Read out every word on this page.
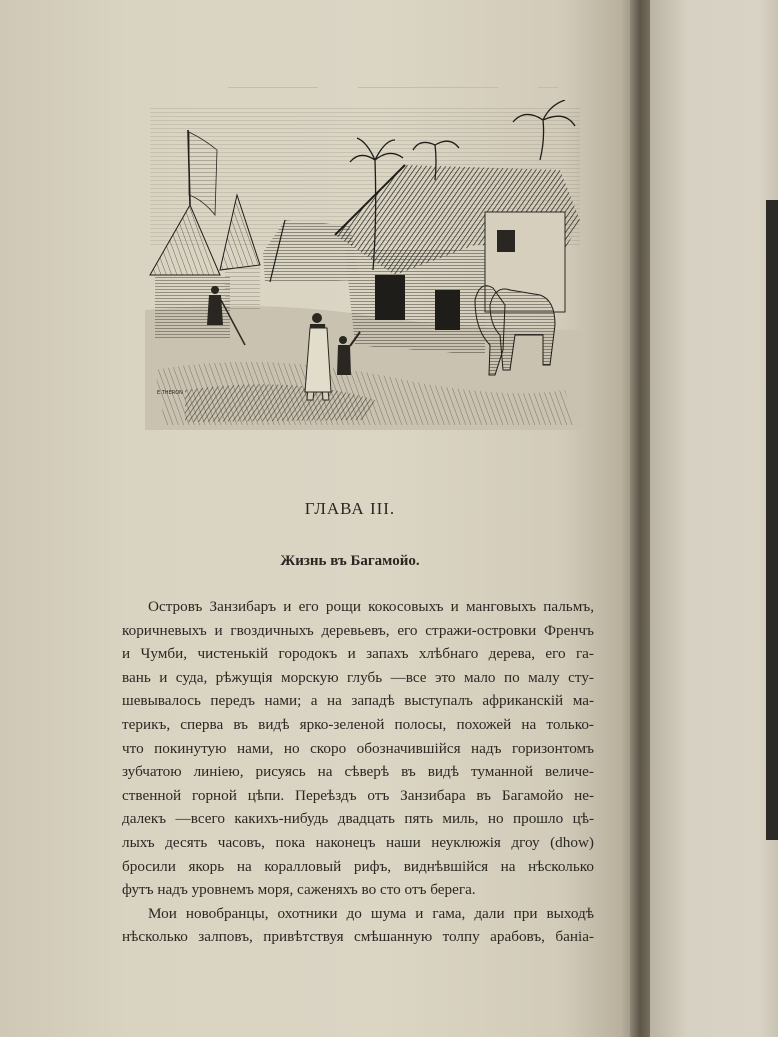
E.THERON
ГЛАВА III.
Жизнь въ Багамойо.
Островъ Занзибаръ и его рощи кокосовыхъ и манговыхъ пальмъ,
коричневыхъ и гвоздичныхъ деревьевъ, его стражи-островки Френчъ
и Чумби, чистенькій городокъ и запахъ хлѣбнаго дерева, его га-
вань и суда, рѣжущія морскую глубь —все это мало по малу сту-
шевывалось передъ нами; а на западѣ выступалъ африканскій ма-
терикъ, сперва въ видѣ ярко-зеленой полосы, похожей на только-
что покинутую нами, но скоро обозначившійся надъ горизонтомъ
зубчатою линіею, рисуясь на сѣверѣ въ видѣ туманной величе-
ственной горной цѣпи. Переѣздъ отъ Занзибара въ Багамойо не-
далекъ —всего какихъ-нибудь двадцать пять миль, но прошло цѣ-
лыхъ десять часовъ, пока наконецъ наши неуклюжія дгоу (dhow)
бросили якорь на коралловый рифъ, виднѣвшійся на нѣсколько
футъ надъ уровнемъ моря, саженяхъ во сто отъ берега.
Мои новобранцы, охотники до шума и гама, дали при выходѣ
нѣсколько залповъ, привѣтствуя смѣшанную толпу арабовъ, баніа-
